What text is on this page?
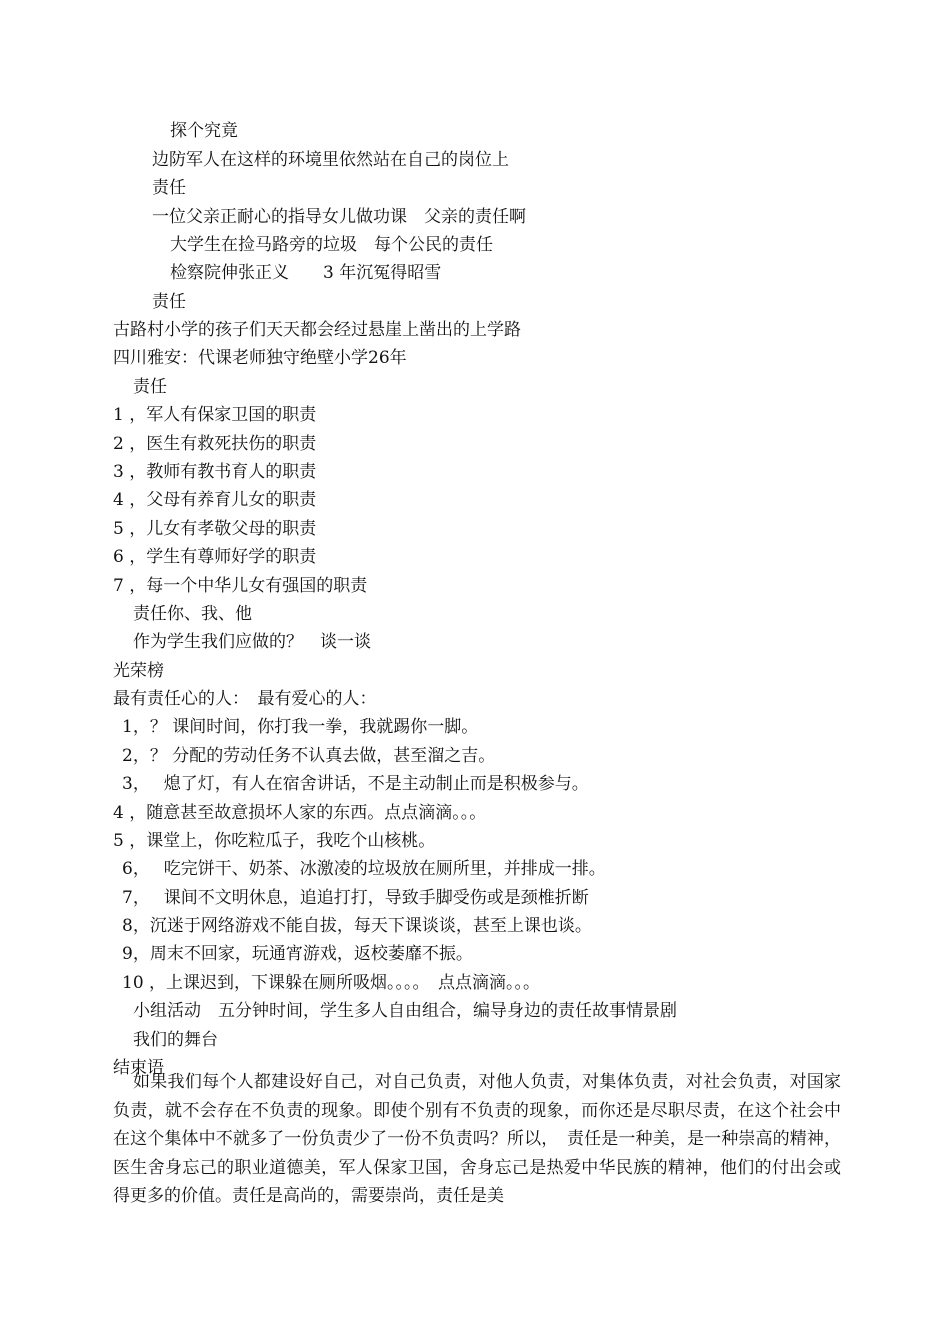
探个究竟
边防军人在这样的环境里依然站在自己的岗位上
责任
一位父亲正耐心的指导女儿做功课　父亲的责任啊
大学生在捡马路旁的垃圾　每个公民的责任
检察院伸张正义　　3 年沉冤得昭雪
责任
古路村小学的孩子们天天都会经过悬崖上凿出的上学路
四川雅安：代课老师独守绝壁小学26年
责任
1 ，军人有保家卫国的职责
2 ，医生有救死扶伤的职责
3 ，教师有教书育人的职责
4 ，父母有养育儿女的职责
5 ，儿女有孝敬父母的职责
6 ，学生有尊师好学的职责
7 ，每一个中华儿女有强国的职责
责任你、我、他
作为学生我们应做的？　谈一谈
光荣榜
最有责任心的人：　最有爱心的人：
1，？ 课间时间，你打我一拳，我就踢你一脚。
2，？ 分配的劳动任务不认真去做，甚至溜之吉。
3，　 熄了灯，有人在宿舍讲话，不是主动制止而是积极参与。
4 ，随意甚至故意损坏人家的东西。点点滴滴。。。
5 ，课堂上，你吃粒瓜子，我吃个山核桃。
6，　 吃完饼干、奶茶、冰激凌的垃圾放在厕所里，并排成一排。
7，　 课间不文明休息，追追打打，导致手脚受伤或是颈椎折断
8，沉迷于网络游戏不能自拔，每天下课谈谈，甚至上课也谈。
9，周末不回家，玩通宵游戏，返校萎靡不振。
10 ，上课迟到，下课躲在厕所吸烟。。。。　点点滴滴。。。
小组活动　五分钟时间，学生多人自由组合，编导身边的责任故事情景剧
我们的舞台
结束语
如果我们每个人都建设好自己，对自己负责，对他人负责，对集体负责，对社会负责，对国家负责，就不会存在不负责的现象。即使个别有不负责的现象，而你还是尽职尽责，在这个社会中在这个集体中不就多了一份负责少了一份不负责吗？所以，　责任是一种美，是一种崇高的精神，医生舍身忘己的职业道德美，军人保家卫国，舍身忘己是热爱中华民族的精神，他们的付出会或得更多的价值。责任是高尚的，需要崇尚，责任是美
